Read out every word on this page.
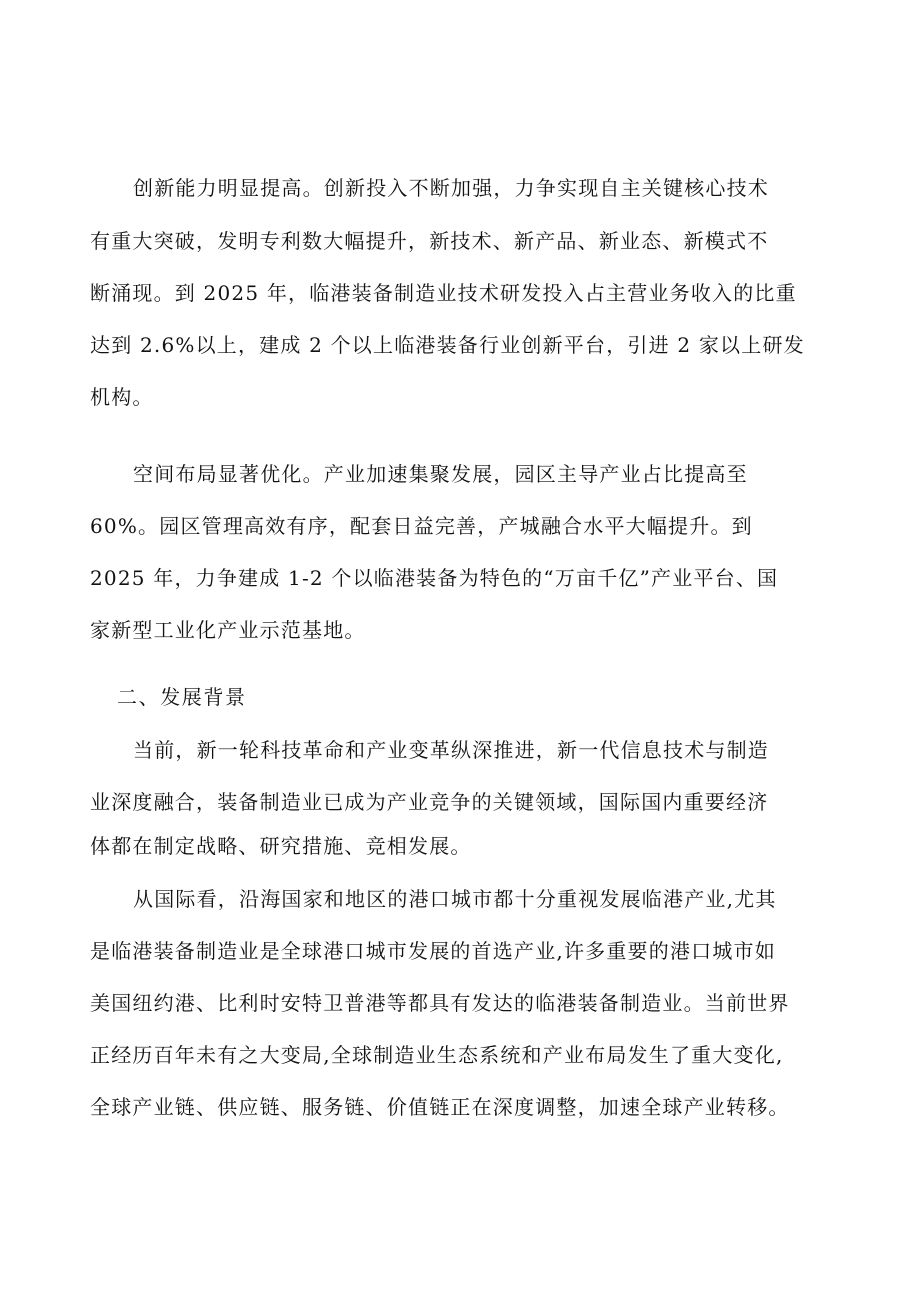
创新能力明显提高。创新投入不断加强，力争实现自主关键核心技术

有重大突破，发明专利数大幅提升，新技术、新产品、新业态、新模式不

断涌现。到 2025 年，临港装备制造业技术研发投入占主营业务收入的比重

达到 2.6%以上，建成 2 个以上临港装备行业创新平台，引进 2 家以上研发

机构。

空间布局显著优化。产业加速集聚发展，园区主导产业占比提高至

60%。园区管理高效有序，配套日益完善，产城融合水平大幅提升。到

2025 年，力争建成 1-2 个以临港装备为特色的“万亩千亿”产业平台、国

家新型工业化产业示范基地。

二、发展背景

当前，新一轮科技革命和产业变革纵深推进，新一代信息技术与制造

业深度融合，装备制造业已成为产业竞争的关键领域，国际国内重要经济

体都在制定战略、研究措施、竞相发展。

从国际看，沿海国家和地区的港口城市都十分重视发展临港产业,尤其

是临港装备制造业是全球港口城市发展的首选产业,许多重要的港口城市如

美国纽约港、比利时安特卫普港等都具有发达的临港装备制造业。当前世界

正经历百年未有之大变局,全球制造业生态系统和产业布局发生了重大变化,

全球产业链、供应链、服务链、价值链正在深度调整，加速全球产业转移。
